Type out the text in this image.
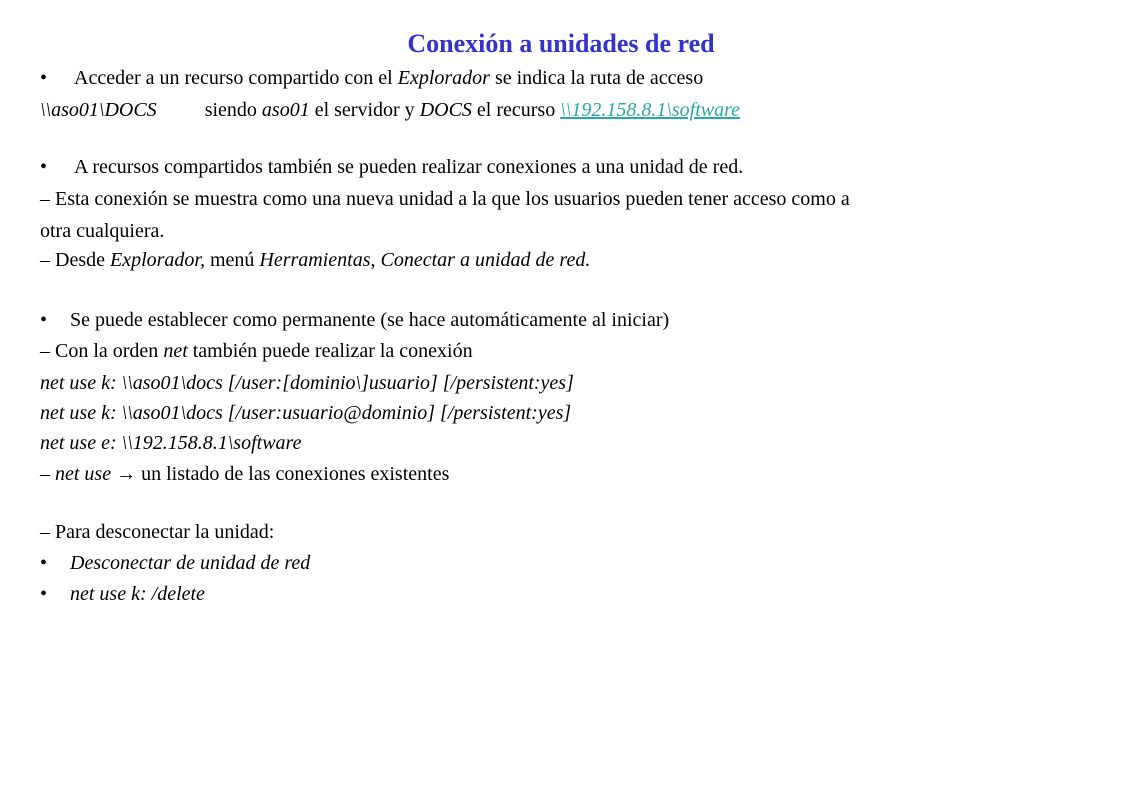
Conexión a unidades de red
• Acceder a un recurso compartido con el Explorador se indica la ruta de acceso
\\aso01\DOCS siendo aso01 el servidor y DOCS el recurso \\192.158.8.1\software
• A recursos compartidos también se pueden realizar conexiones a una unidad de red.
– Esta conexión se muestra como una nueva unidad a la que los usuarios pueden tener acceso como a
otra cualquiera.
– Desde Explorador, menú Herramientas, Conectar a unidad de red.
• Se puede establecer como permanente (se hace automáticamente al iniciar)
– Con la orden net también puede realizar la conexión
net use k: \\aso01\docs [/user:[dominio\]usuario] [/persistent:yes]
net use k: \\aso01\docs [/user:usuario@dominio] [/persistent:yes]
net use e: \\192.158.8.1\software
– net use → un listado de las conexiones existentes
– Para desconectar la unidad:
• Desconectar de unidad de red
• net use k: /delete
